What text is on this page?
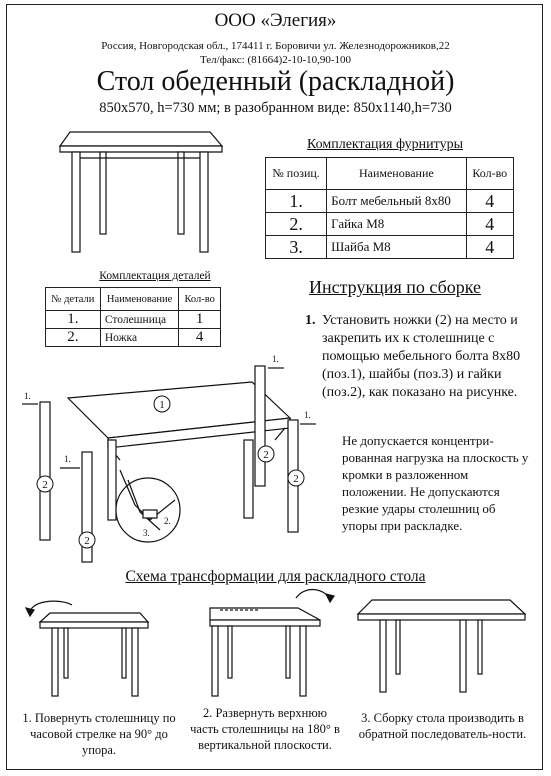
ООО «Элегия»
Россия, Новгородская обл., 174411 г. Боровичи ул. Железнодорожников,22
Тел/факс: (81664)2-10-10,90-100
Стол обеденный (раскладной)
850х570, h=730 мм; в разобранном виде: 850х1140,h=730
1
2
2
2
2
1.
1.
1.
1.
2.
3.
Комплектация фурнитуры
№ позиц.	Наименование	Кол-во
1.	Болт мебельный 8х80	4
2.	Гайка М8	4
3.	Шайба М8	4
Комплектация деталей
№ детали	Наименование	Кол-во
1.	Столешница	1
2.	Ножка	4
Инструкция по сборке
1. Установить ножки (2) на место и закрепить их к столешнице с помощью мебельного болта 8х80 (поз.1), шайбы (поз.3) и гайки (поз.2), как показано на рисунке.
Не допускается концентри-рованная нагрузка на плоскость у кромки в разложенном положении. Не допускаются резкие удары столешниц об упоры при раскладке.
Схема трансформации для раскладного стола
1. Повернуть столешницу по часовой стрелке на 90° до упора.
2. Развернуть верхнюю часть столешницы на 180° в вертикальной плоскости.
3. Сборку стола производить в обратной последователь-ности.
